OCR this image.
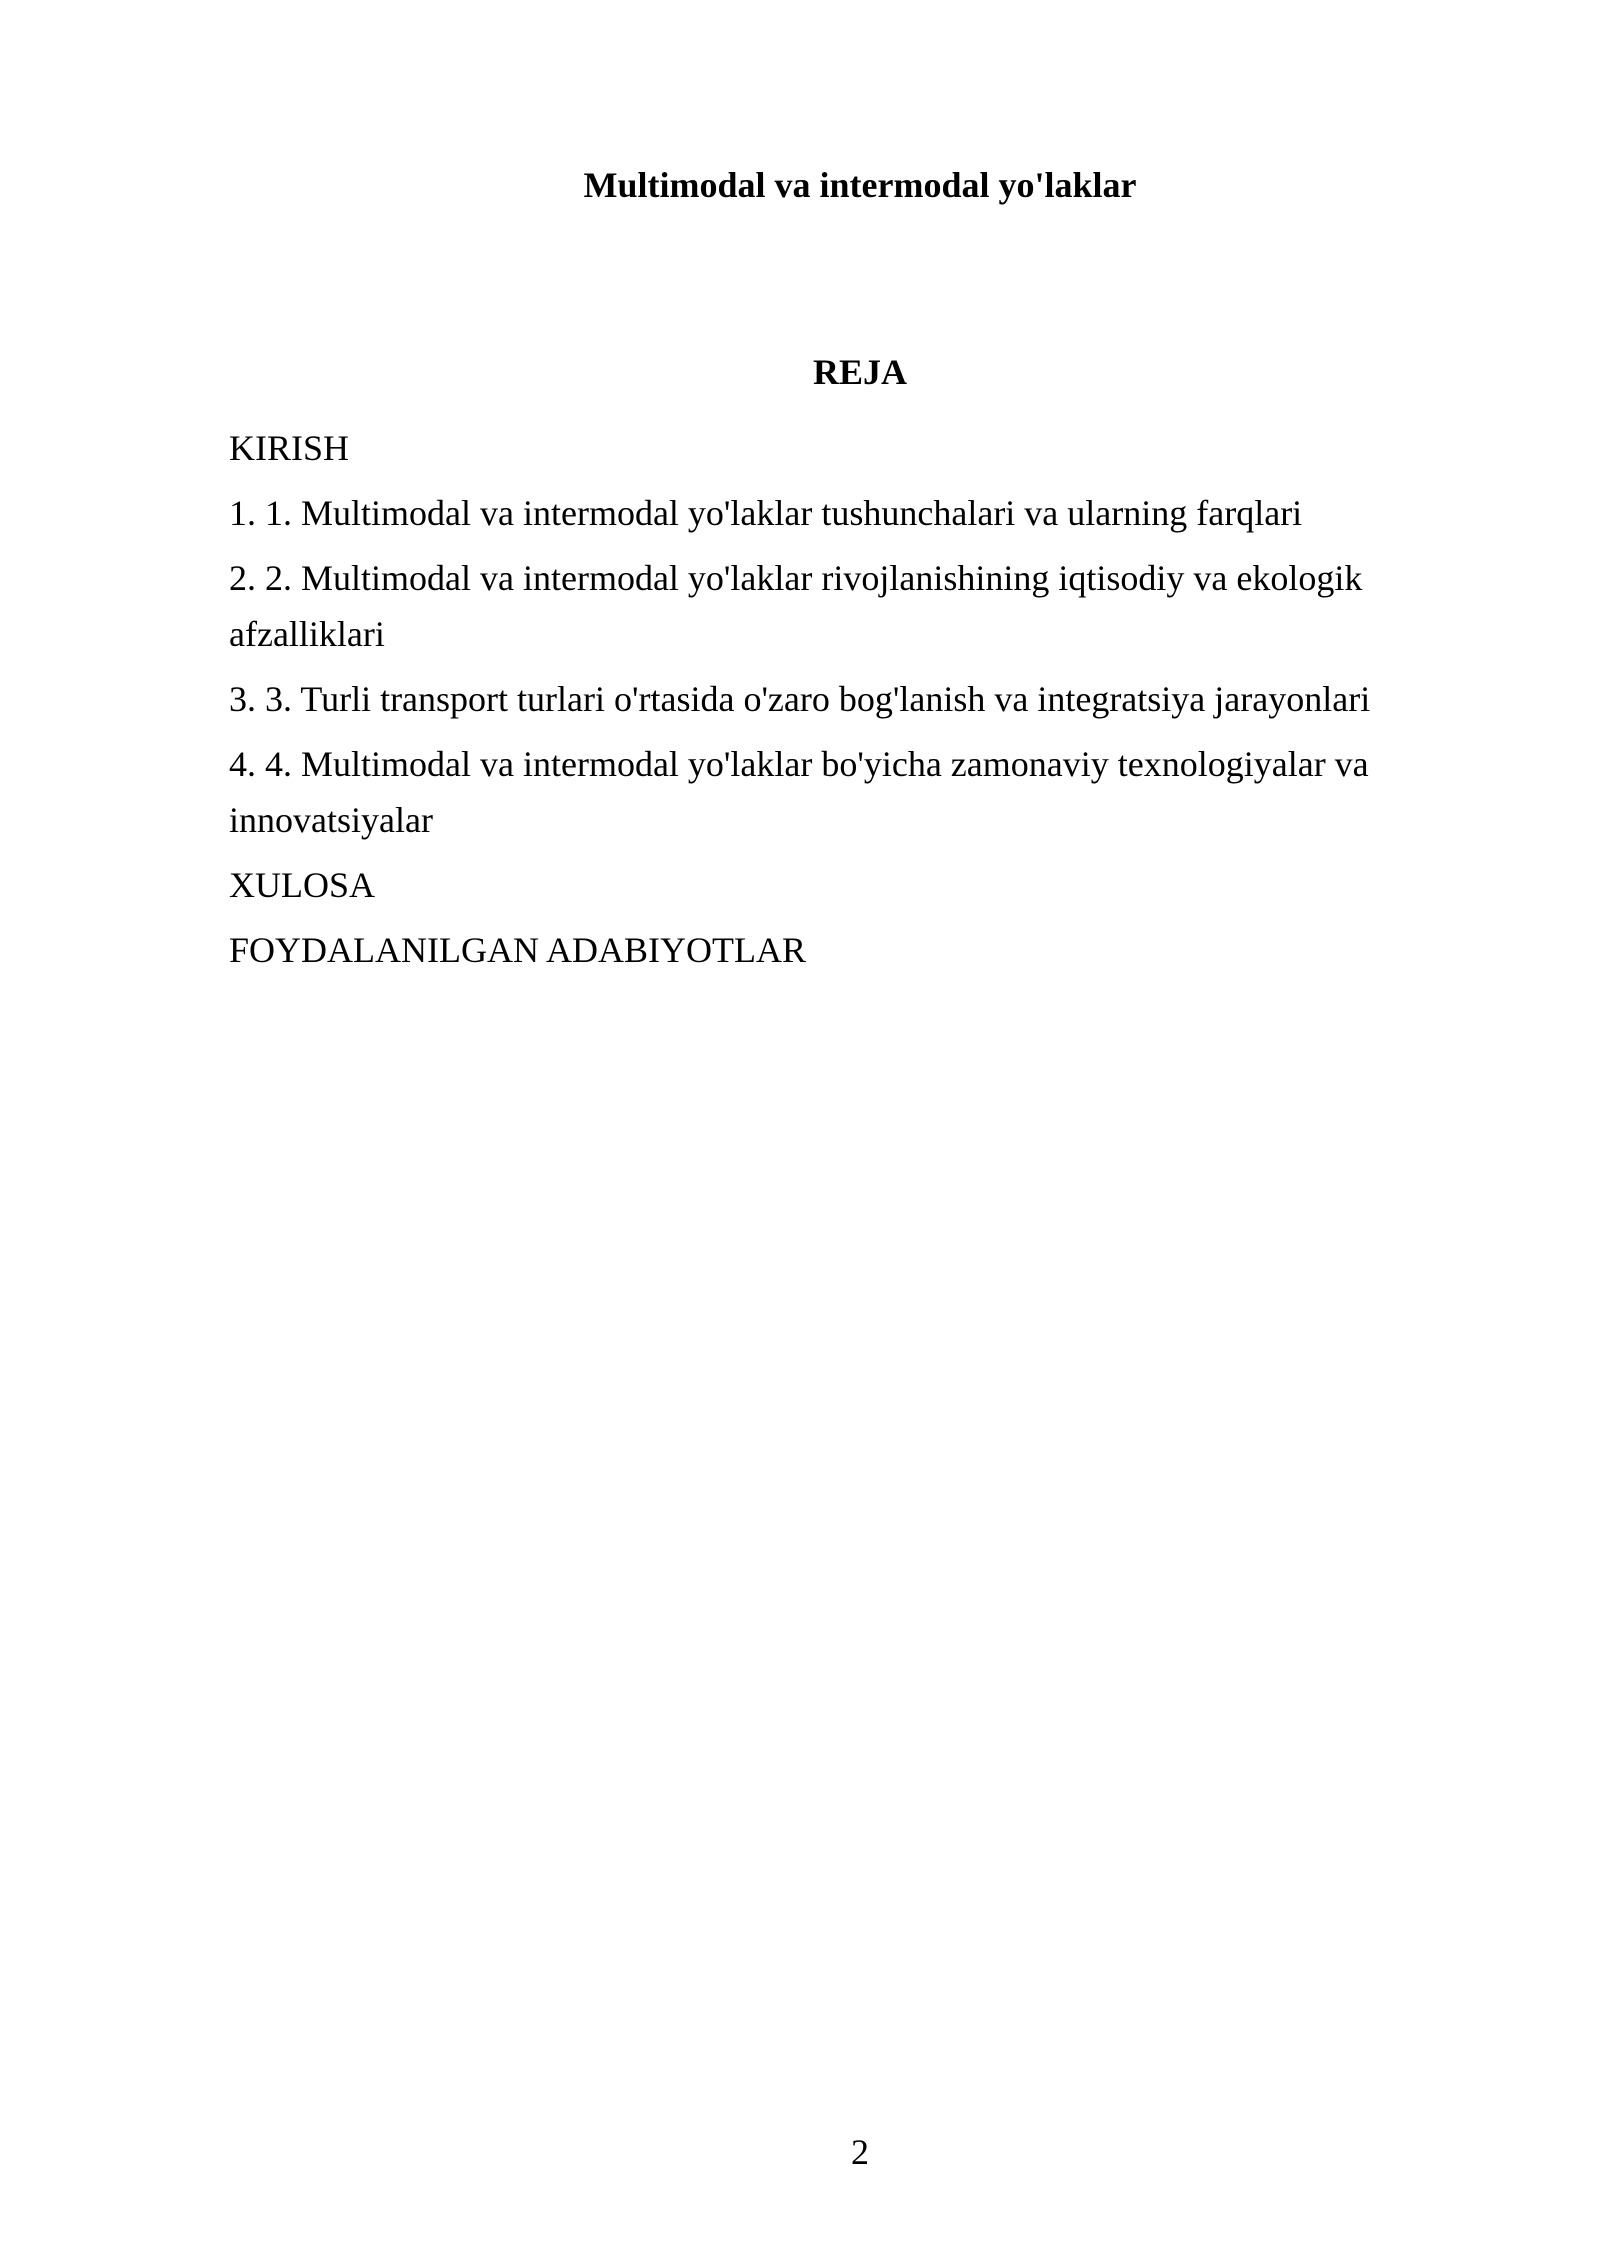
Multimodal va intermodal yo'laklar
REJA
KIRISH
1. 1. Multimodal va intermodal yo'laklar tushunchalari va ularning farqlari
2. 2. Multimodal va intermodal yo'laklar rivojlanishining iqtisodiy va ekologik afzalliklari
3. 3. Turli transport turlari o'rtasida o'zaro bog'lanish va integratsiya jarayonlari
4. 4. Multimodal va intermodal yo'laklar bo'yicha zamonaviy texnologiyalar va innovatsiyalar
XULOSA
FOYDALANILGAN ADABIYOTLAR
2
